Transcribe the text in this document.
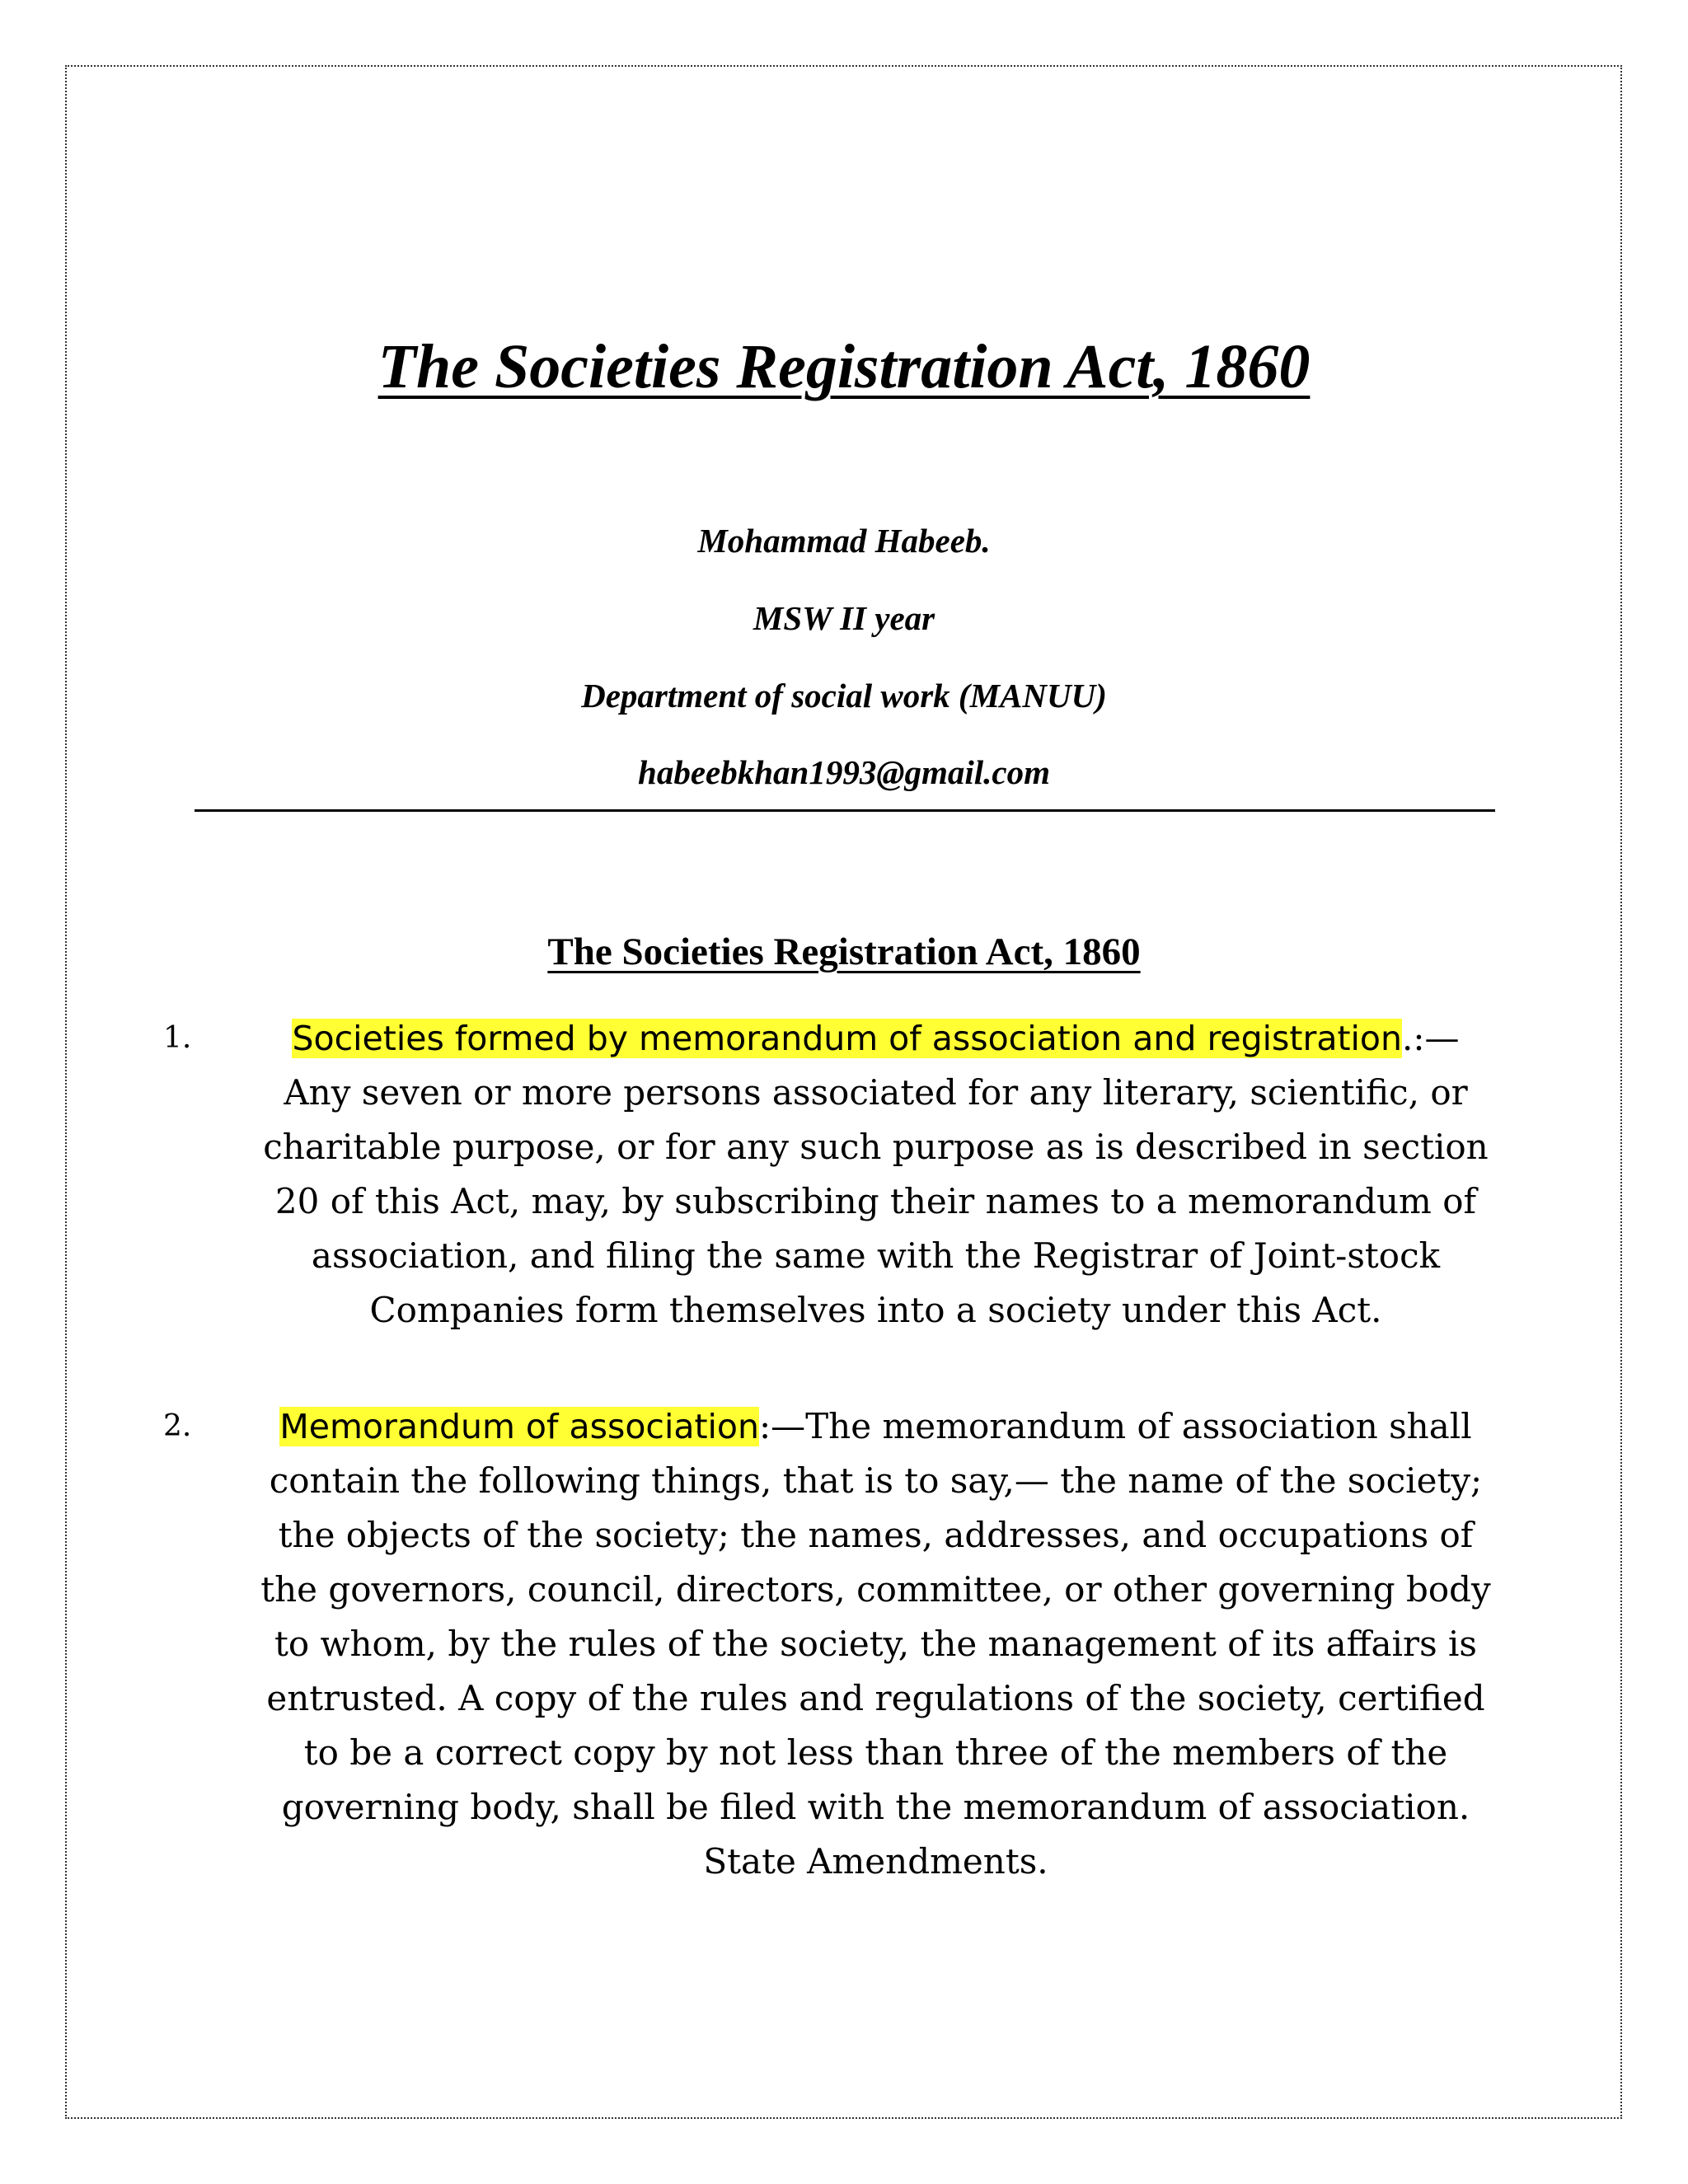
The Societies Registration Act, 1860
Mohammad Habeeb.
MSW II year
Department of social work (MANUU)
habeebkhan1993@gmail.com
The Societies Registration Act, 1860
1.	Societies formed by memorandum of association and registration.:—
Any seven or more persons associated for any literary, scientific, or
charitable purpose, or for any such purpose as is described in section
20 of this Act, may, by subscribing their names to a memorandum of
association, and filing the same with the Registrar of Joint-stock
Companies form themselves into a society under this Act.
2.	Memorandum of association:—The memorandum of association shall
contain the following things, that is to say,— the name of the society;
the objects of the society; the names, addresses, and occupations of
the governors, council, directors, committee, or other governing body
to whom, by the rules of the society, the management of its affairs is
entrusted. A copy of the rules and regulations of the society, certified
to be a correct copy by not less than three of the members of the
governing body, shall be filed with the memorandum of association.
State Amendments.
